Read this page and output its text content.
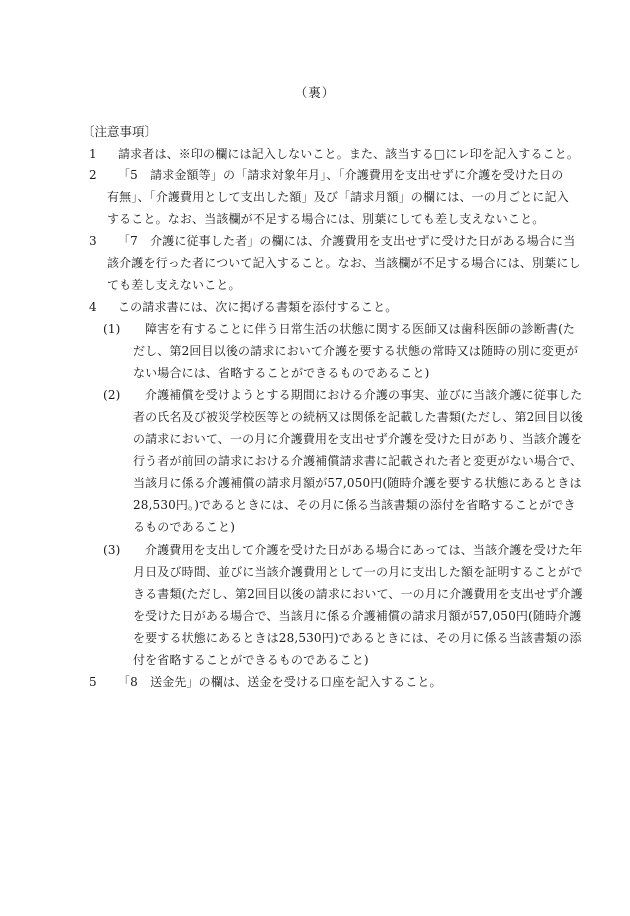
（裏）
〔注意事項〕
1 請求者は、※印の欄には記入しないこと。また、該当する□にレ印を記入すること。
2 「5　請求金額等」の「請求対象年月」、「介護費用を支出せずに介護を受けた日の
有無」、「介護費用として支出した額」及び「請求月額」の欄には、一の月ごとに記入
すること。なお、当該欄が不足する場合には、別葉にしても差し支えないこと。
3 「7　介護に従事した者」の欄には、介護費用を支出せずに受けた日がある場合に当
該介護を行った者について記入すること。なお、当該欄が不足する場合には、別葉にし
ても差し支えないこと。
4 この請求書には、次に掲げる書類を添付すること。
(1) 障害を有することに伴う日常生活の状態に関する医師又は歯科医師の診断書(た
だし、第2回目以後の請求において介護を要する状態の常時又は随時の別に変更が
ない場合には、省略することができるものであること)
(2) 介護補償を受けようとする期間における介護の事実、並びに当該介護に従事した
者の氏名及び被災学校医等との続柄又は関係を記載した書類(ただし、第2回目以後
の請求において、一の月に介護費用を支出せず介護を受けた日があり、当該介護を
行う者が前回の請求における介護補償請求書に記載された者と変更がない場合で、
当該月に係る介護補償の請求月額が57,050円(随時介護を要する状態にあるときは
28,530円。)であるときには、その月に係る当該書類の添付を省略することができ
るものであること)
(3) 介護費用を支出して介護を受けた日がある場合にあっては、当該介護を受けた年
月日及び時間、並びに当該介護費用として一の月に支出した額を証明することがで
きる書類(ただし、第2回目以後の請求において、一の月に介護費用を支出せず介護
を受けた日がある場合で、当該月に係る介護補償の請求月額が57,050円(随時介護
を要する状態にあるときは28,530円)であるときには、その月に係る当該書類の添
付を省略することができるものであること)
5 「8　送金先」の欄は、送金を受ける口座を記入すること。
